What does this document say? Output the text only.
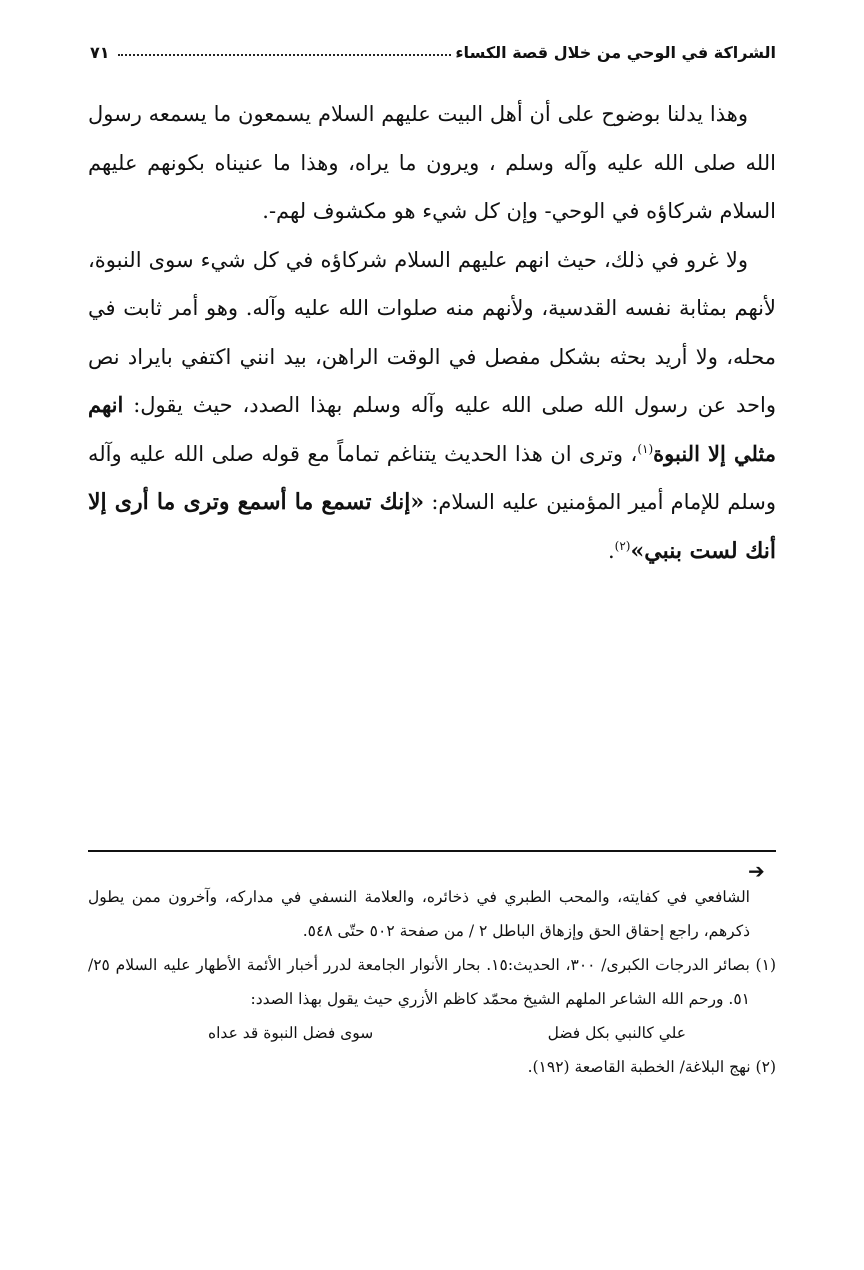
الشراكة في الوحي من خلال قصة الكساء
٧١

وهذا يدلنا بوضوح على أن أهل البيت عليهم السلام يسمعون ما يسمعه رسول الله صلى الله عليه وآله وسلم ، ويرون ما يراه، وهذا ما عنيناه بكونهم عليهم السلام شركاؤه في الوحي- وإن كل شيء هو مكشوف لهم-.

ولا غرو في ذلك، حيث انهم عليهم السلام شركاؤه في كل شيء سوى النبوة، لأنهم بمثابة نفسه القدسية، ولأنهم منه صلوات الله عليه وآله. وهو أمر ثابت في محله، ولا أريد بحثه بشكل مفصل في الوقت الراهن، بيد انني اكتفي بايراد نص واحد عن رسول الله صلى الله عليه وآله وسلم بهذا الصدد، حيث يقول: انهم مثلي إلا النبوة$^{(١)}$، وترى ان هذا الحديث يتناغم تماماً مع قوله صلى الله عليه وآله وسلم للإمام أمير المؤمنين عليه السلام: «إنك تسمع ما أسمع وترى ما أرى إلا أنك لست بنبي»$^{(٢)}$.

➔

الشافعي في كفايته، والمحب الطبري في ذخائره، والعلامة النسفي في مداركه، وآخرون ممن يطول ذكرهم، راجع إحقاق الحق وإزهاق الباطل ٢ / من صفحة ٥٠٢ حتّى ٥٤٨.

(١) بصائر الدرجات الكبرى/ ٣٠٠، الحديث:١٥. بحار الأنوار الجامعة لدرر أخبار الأئمة الأطهار عليه السلام ٢٥/ ٥١. ورحم الله الشاعر الملهم الشيخ محمّد كاظم الأزري حيث يقول بهذا الصدد:

علي كالنبي بكل فضل
سوى فضل النبوة قد عداه

(٢) نهج البلاغة/ الخطبة القاصعة (١٩٢).
